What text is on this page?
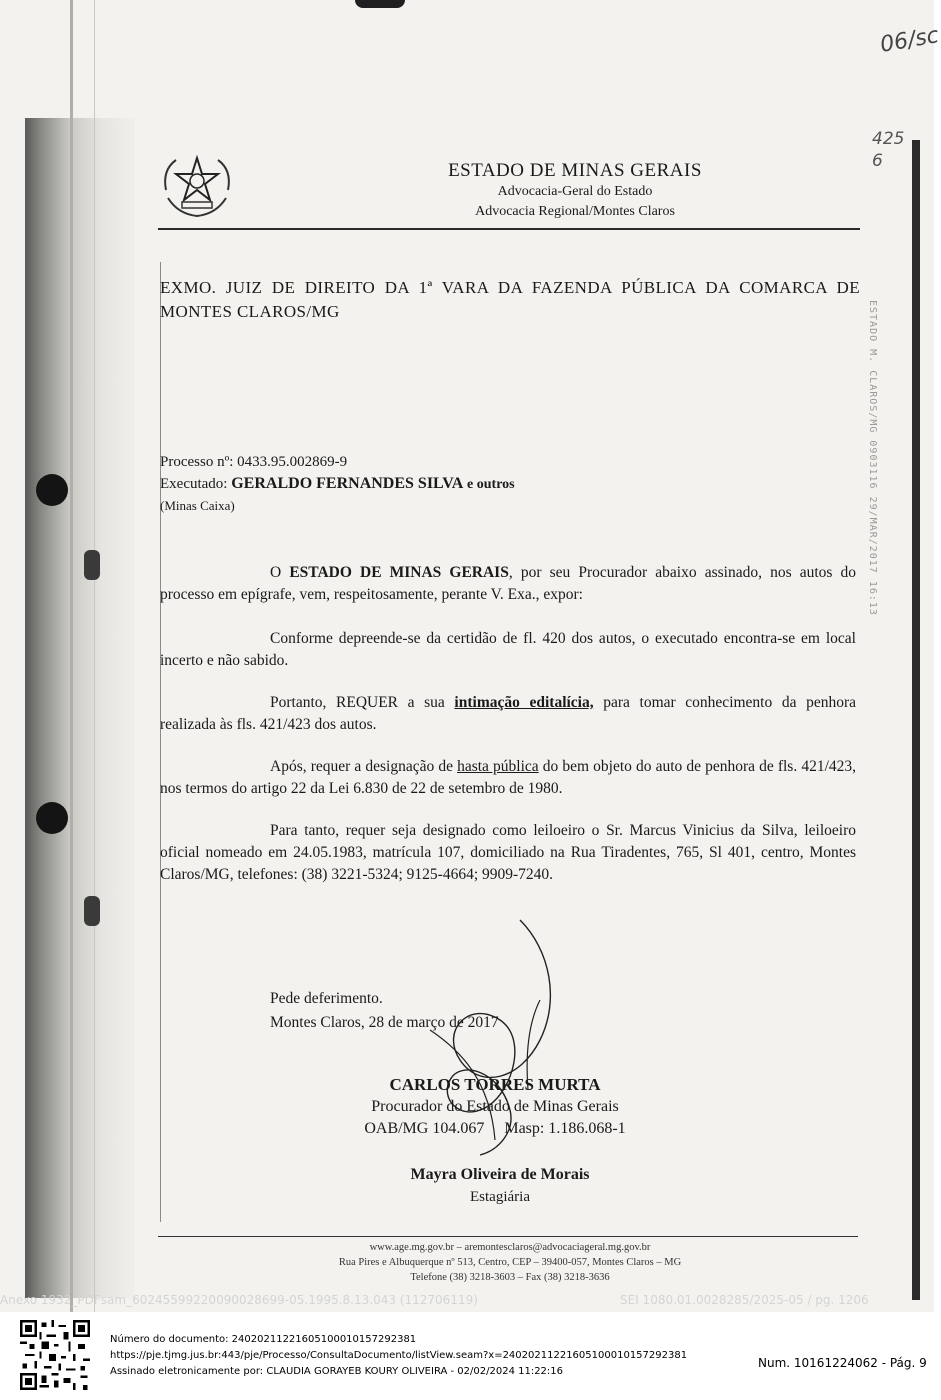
06/sc
425
6
ESTADO M. CLAROS/MG 0903116 29/MAR/2017 16:13
ESTADO DE MINAS GERAIS
Advocacia-Geral do Estado
Advocacia Regional/Montes Claros
EXMO. JUIZ DE DIREITO DA 1ª VARA DA FAZENDA PÚBLICA DA COMARCA DE MONTES CLAROS/MG
Processo nº: 0433.95.002869-9
Executado: GERALDO FERNANDES SILVA e outros
(Minas Caixa)

O ESTADO DE MINAS GERAIS, por seu Procurador abaixo assinado, nos autos do processo em epígrafe, vem, respeitosamente, perante V. Exa., expor:

Conforme depreende-se da certidão de fl. 420 dos autos, o executado encontra-se em local incerto e não sabido.

Portanto, REQUER a sua intimação editalícia, para tomar conhecimento da penhora realizada às fls. 421/423 dos autos.

Após, requer a designação de hasta pública do bem objeto do auto de penhora de fls. 421/423, nos termos do artigo 22 da Lei 6.830 de 22 de setembro de 1980.

Para tanto, requer seja designado como leiloeiro o Sr. Marcus Vinicius da Silva, leiloeiro oficial nomeado em 24.05.1983, matrícula 107, domiciliado na Rua Tiradentes, 765, Sl 401, centro, Montes Claros/MG, telefones: (38) 3221-5324; 9125-4664; 9909-7240.

Pede deferimento.
Montes Claros, 28 de março de 2017
CARLOS TORRES MURTA
Procurador do Estado de Minas Gerais
OAB/MG 104.067 Masp: 1.186.068-1
Mayra Oliveira de Morais
Estagiária
www.age.mg.gov.br – aremontesclaros@advocaciageral.mg.gov.br
Rua Pires e Albuquerque nº 513, Centro, CEP – 39400-057, Montes Claros – MG
Telefone (38) 3218-3603 – Fax (38) 3218-3636
Anexo 1932_PDFsam_60245599220090028699-05.1995.8.13.043 (112706119)	SEI 1080.01.0028285/2025-05 / pg. 1206
Número do documento: 24020211221605100010157292381
https://pje.tjmg.jus.br:443/pje/Processo/ConsultaDocumento/listView.seam?x=24020211221605100010157292381
Assinado eletronicamente por: CLAUDIA GORAYEB KOURY OLIVEIRA - 02/02/2024 11:22:16
Num. 10161224062 - Pág. 9
